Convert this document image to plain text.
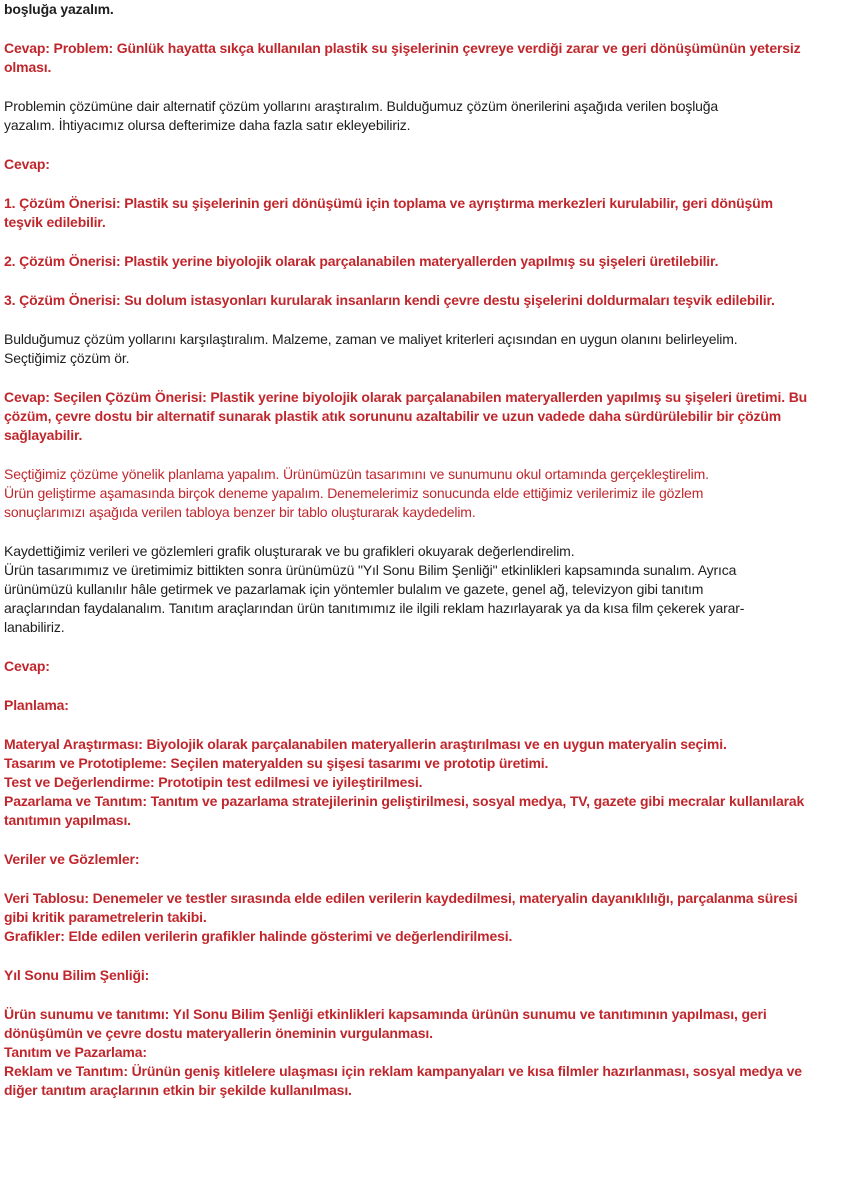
boşluğa yazalım.

Cevap: Problem: Günlük hayatta sıkça kullanılan plastik su şişelerinin çevreye verdiği zarar ve geri dönüşümünün yetersiz
olması.

Problemin çözümüne dair alternatif çözüm yollarını araştıralım. Bulduğumuz çözüm önerilerini aşağıda verilen boşluğa
yazalım. İhtiyacımız olursa defterimize daha fazla satır ekleyebiliriz.

Cevap:

1. Çözüm Önerisi: Plastik su şişelerinin geri dönüşümü için toplama ve ayrıştırma merkezleri kurulabilir, geri dönüşüm
teşvik edilebilir.

2. Çözüm Önerisi: Plastik yerine biyolojik olarak parçalanabilen materyallerden yapılmış su şişeleri üretilebilir.

3. Çözüm Önerisi: Su dolum istasyonları kurularak insanların kendi çevre destu şişelerini doldurmaları teşvik edilebilir.

Bulduğumuz çözüm yollarını karşılaştıralım. Malzeme, zaman ve maliyet kriterleri açısından en uygun olanını belirleyelim.
Seçtiğimiz çözüm ör.

Cevap: Seçilen Çözüm Önerisi: Plastik yerine biyolojik olarak parçalanabilen materyallerden yapılmış su şişeleri üretimi. Bu
çözüm, çevre dostu bir alternatif sunarak plastik atık sorununu azaltabilir ve uzun vadede daha sürdürülebilir bir çözüm
sağlayabilir.

Seçtiğimiz çözüme yönelik planlama yapalım. Ürünümüzün tasarımını ve sunumunu okul ortamında gerçekleştirelim.
Ürün geliştirme aşamasında birçok deneme yapalım. Denemelerimiz sonucunda elde ettiğimiz verilerimiz ile gözlem
sonuçlarımızı aşağıda verilen tabloya benzer bir tablo oluşturarak kaydedelim.

Kaydettiğimiz verileri ve gözlemleri grafik oluşturarak ve bu grafikleri okuyarak değerlendirelim.
Ürün tasarımımız ve üretimimiz bittikten sonra ürünümüzü "Yıl Sonu Bilim Şenliği" etkinlikleri kapsamında sunalım. Ayrıca
ürünümüzü kullanılır hâle getirmek ve pazarlamak için yöntemler bulalım ve gazete, genel ağ, televizyon gibi tanıtım
araçlarından faydalanalım. Tanıtım araçlarından ürün tanıtımımız ile ilgili reklam hazırlayarak ya da kısa film çekerek yarar-
lanabiliriz.

Cevap:

Planlama:

Materyal Araştırması: Biyolojik olarak parçalanabilen materyallerin araştırılması ve en uygun materyalin seçimi.

Tasarım ve Prototipleme: Seçilen materyalden su şişesi tasarımı ve prototip üretimi.

Test ve Değerlendirme: Prototipin test edilmesi ve iyileştirilmesi.

Pazarlama ve Tanıtım: Tanıtım ve pazarlama stratejilerinin geliştirilmesi, sosyal medya, TV, gazete gibi mecralar kullanılarak
tanıtımın yapılması.

Veriler ve Gözlemler:

Veri Tablosu: Denemeler ve testler sırasında elde edilen verilerin kaydedilmesi, materyalin dayanıklılığı, parçalanma süresi
gibi kritik parametrelerin takibi.

Grafikler: Elde edilen verilerin grafikler halinde gösterimi ve değerlendirilmesi.

Yıl Sonu Bilim Şenliği:

Ürün sunumu ve tanıtımı: Yıl Sonu Bilim Şenliği etkinlikleri kapsamında ürünün sunumu ve tanıtımının yapılması, geri
dönüşümün ve çevre dostu materyallerin öneminin vurgulanması.

Tanıtım ve Pazarlama:

Reklam ve Tanıtım: Ürünün geniş kitlelere ulaşması için reklam kampanyaları ve kısa filmler hazırlanması, sosyal medya ve
diğer tanıtım araçlarının etkin bir şekilde kullanılması.
